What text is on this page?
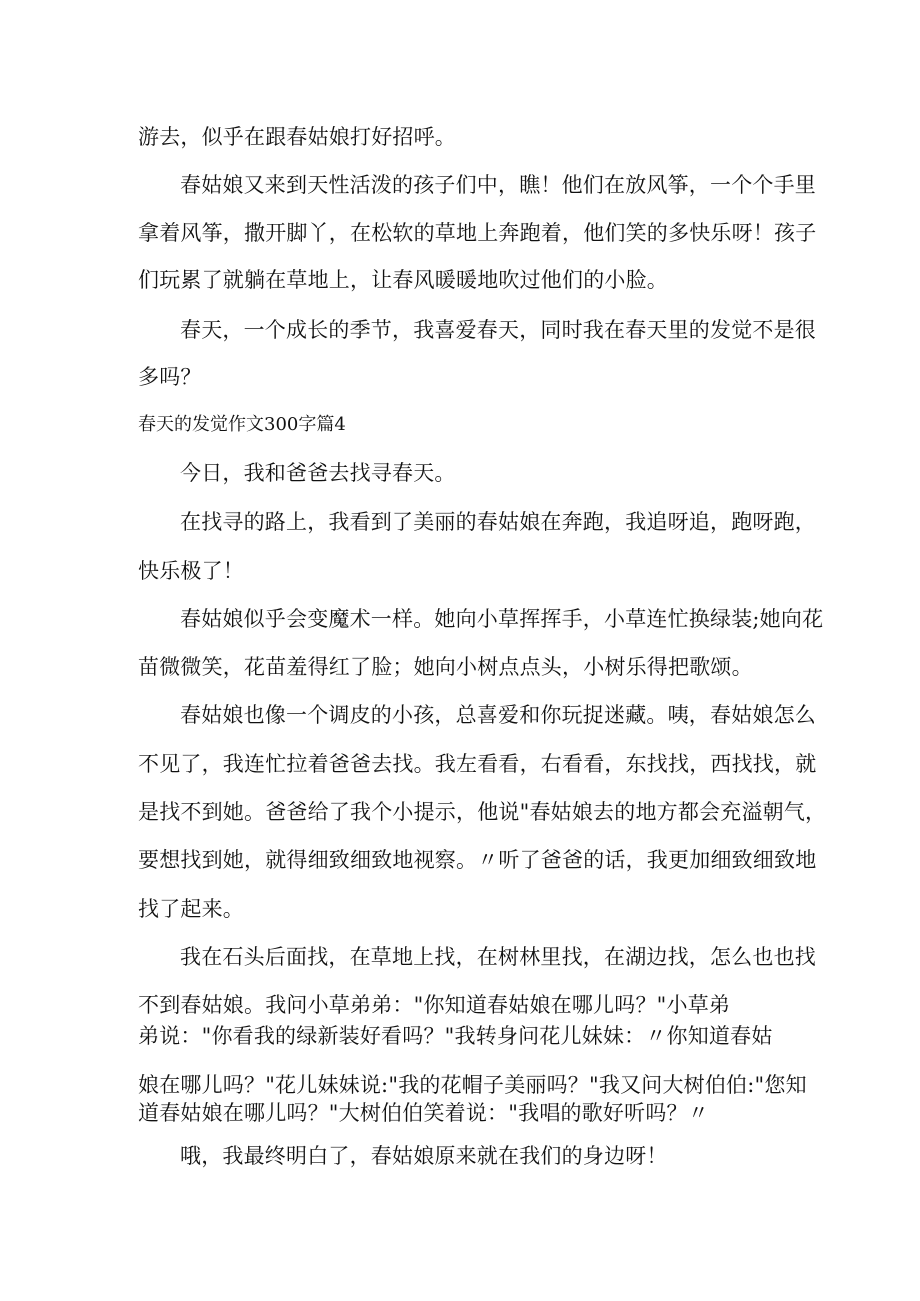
游去，似乎在跟春姑娘打好招呼。
春姑娘又来到天性活泼的孩子们中，瞧！他们在放风筝，一个个手里
拿着风筝，撒开脚丫，在松软的草地上奔跑着，他们笑的多快乐呀！孩子
们玩累了就躺在草地上，让春风暖暖地吹过他们的小脸。
春天，一个成长的季节，我喜爱春天，同时我在春天里的发觉不是很
多吗？
春天的发觉作文300字篇4
今日，我和爸爸去找寻春天。
在找寻的路上，我看到了美丽的春姑娘在奔跑，我追呀追，跑呀跑，
快乐极了！
春姑娘似乎会变魔术一样。她向小草挥挥手，小草连忙换绿装;她向花
苗微微笑，花苗羞得红了脸；她向小树点点头，小树乐得把歌颂。
春姑娘也像一个调皮的小孩，总喜爱和你玩捉迷藏。咦，春姑娘怎么
不见了，我连忙拉着爸爸去找。我左看看，右看看，东找找，西找找，就
是找不到她。爸爸给了我个小提示，他说"春姑娘去的地方都会充溢朝气，
要想找到她，就得细致细致地视察。〃听了爸爸的话，我更加细致细致地
找了起来。
我在石头后面找，在草地上找，在树林里找，在湖边找，怎么也也找
不到春姑娘。我问小草弟弟："你知道春姑娘在哪儿吗？"小草弟
弟说："你看我的绿新装好看吗？"我转身问花儿妹妹：〃你知道春姑
娘在哪儿吗？"花儿妹妹说:"我的花帽子美丽吗？"我又问大树伯伯:"您知
道春姑娘在哪儿吗？"大树伯伯笑着说："我唱的歌好听吗？〃
哦，我最终明白了，春姑娘原来就在我们的身边呀！
